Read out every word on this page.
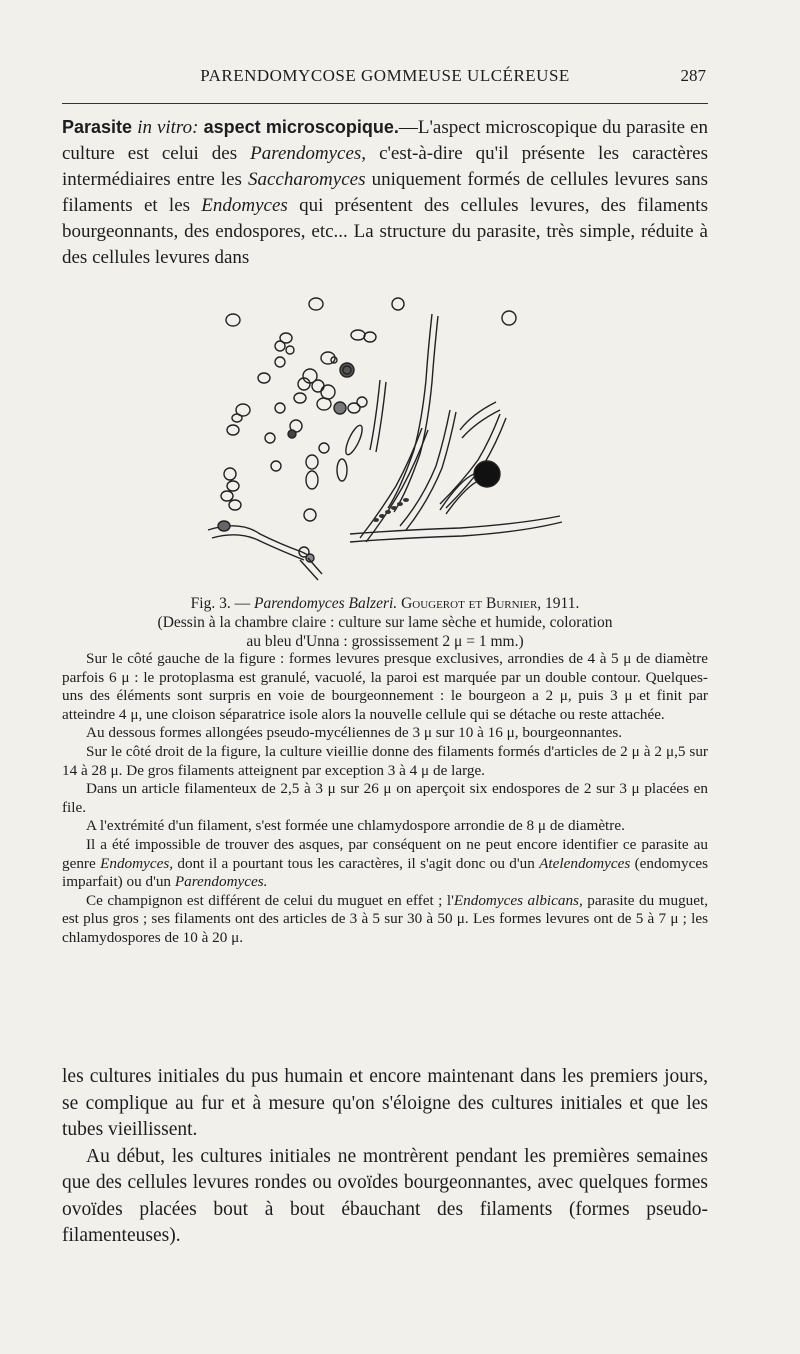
PARENDOMYCOSE GOMMEUSE ULCÉREUSE	287
Parasite in vitro: aspect microscopique.—L'aspect microscopique du parasite en culture est celui des Parendomyces, c'est-à-dire qu'il présente les caractères intermédiaires entre les Saccharomyces uniquement formés de cellules levures sans filaments et les Endomyces qui présentent des cellules levures, des filaments bourgeonnants, des endospores, etc... La structure du parasite, très simple, réduite à des cellules levures dans
Fig. 3. — Parendomyces Balzeri. Gougerot et Burnier, 1911.
(Dessin à la chambre claire : culture sur lame sèche et humide, coloration
au bleu d'Unna : grossissement 2 μ = 1 mm.)

Sur le côté gauche de la figure : formes levures presque exclusives, arrondies de 4 à 5 μ de diamètre parfois 6 μ : le protoplasma est granulé, vacuolé, la paroi est marquée par un double contour. Quelques-uns des éléments sont surpris en voie de bourgeonnement : le bourgeon a 2 μ, puis 3 μ et finit par atteindre 4 μ, une cloison séparatrice isole alors la nouvelle cellule qui se détache ou reste attachée.

Au dessous formes allongées pseudo-mycéliennes de 3 μ sur 10 à 16 μ, bourgeonnantes.

Sur le côté droit de la figure, la culture vieillie donne des filaments formés d'articles de 2 μ à 2 μ,5 sur 14 à 28 μ. De gros filaments atteignent par exception 3 à 4 μ de large.

Dans un article filamenteux de 2,5 à 3 μ sur 26 μ on aperçoit six endospores de 2 sur 3 μ placées en file.

A l'extrémité d'un filament, s'est formée une chlamydospore arrondie de 8 μ de diamètre.

Il a été impossible de trouver des asques, par conséquent on ne peut encore identifier ce parasite au genre Endomyces, dont il a pourtant tous les caractères, il s'agit donc ou d'un Atelendomyces (endomyces imparfait) ou d'un Parendomyces.

Ce champignon est différent de celui du muguet en effet ; l'Endomyces albicans, parasite du muguet, est plus gros ; ses filaments ont des articles de 3 à 5 sur 30 à 50 μ. Les formes levures ont de 5 à 7 μ ; les chlamydospores de 10 à 20 μ.

les cultures initiales du pus humain et encore maintenant dans les premiers jours, se complique au fur et à mesure qu'on s'éloigne des cultures initiales et que les tubes vieillissent.

Au début, les cultures initiales ne montrèrent pendant les premières semaines que des cellules levures rondes ou ovoïdes bourgeonnantes, avec quelques formes ovoïdes placées bout à bout ébauchant des filaments (formes pseudo-filamenteuses).
